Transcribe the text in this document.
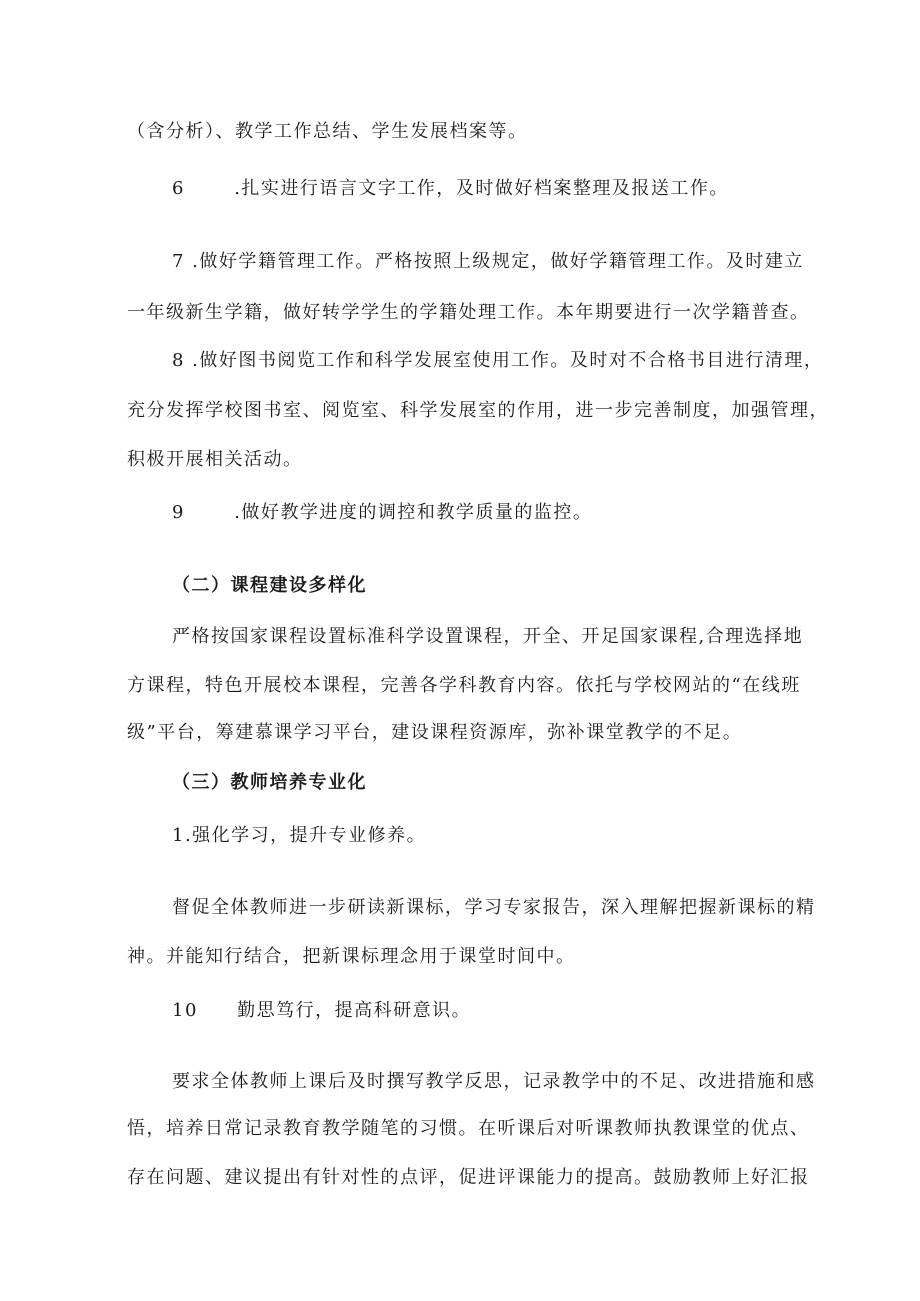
（含分析）、教学工作总结、学生发展档案等。
6	.扎实进行语言文字工作，及时做好档案整理及报送工作。
7 .做好学籍管理工作。严格按照上级规定，做好学籍管理工作。及时建立
一年级新生学籍，做好转学学生的学籍处理工作。本年期要进行一次学籍普查。
8 .做好图书阅览工作和科学发展室使用工作。及时对不合格书目进行清理，
充分发挥学校图书室、阅览室、科学发展室的作用，进一步完善制度，加强管理，
积极开展相关活动。
9	.做好教学进度的调控和教学质量的监控。
（二）课程建设多样化
严格按国家课程设置标准科学设置课程，开全、开足国家课程,合理选择地
方课程，特色开展校本课程，完善各学科教育内容。依托与学校网站的“在线班
级”平台，筹建慕课学习平台，建设课程资源库，弥补课堂教学的不足。
（三）教师培养专业化
1.强化学习，提升专业修养。
督促全体教师进一步研读新课标，学习专家报告，深入理解把握新课标的精
神。并能知行结合，把新课标理念用于课堂时间中。
10 勤思笃行，提高科研意识。
要求全体教师上课后及时撰写教学反思，记录教学中的不足、改进措施和感
悟，培养日常记录教育教学随笔的习惯。在听课后对听课教师执教课堂的优点、
存在问题、建议提出有针对性的点评，促进评课能力的提高。鼓励教师上好汇报
